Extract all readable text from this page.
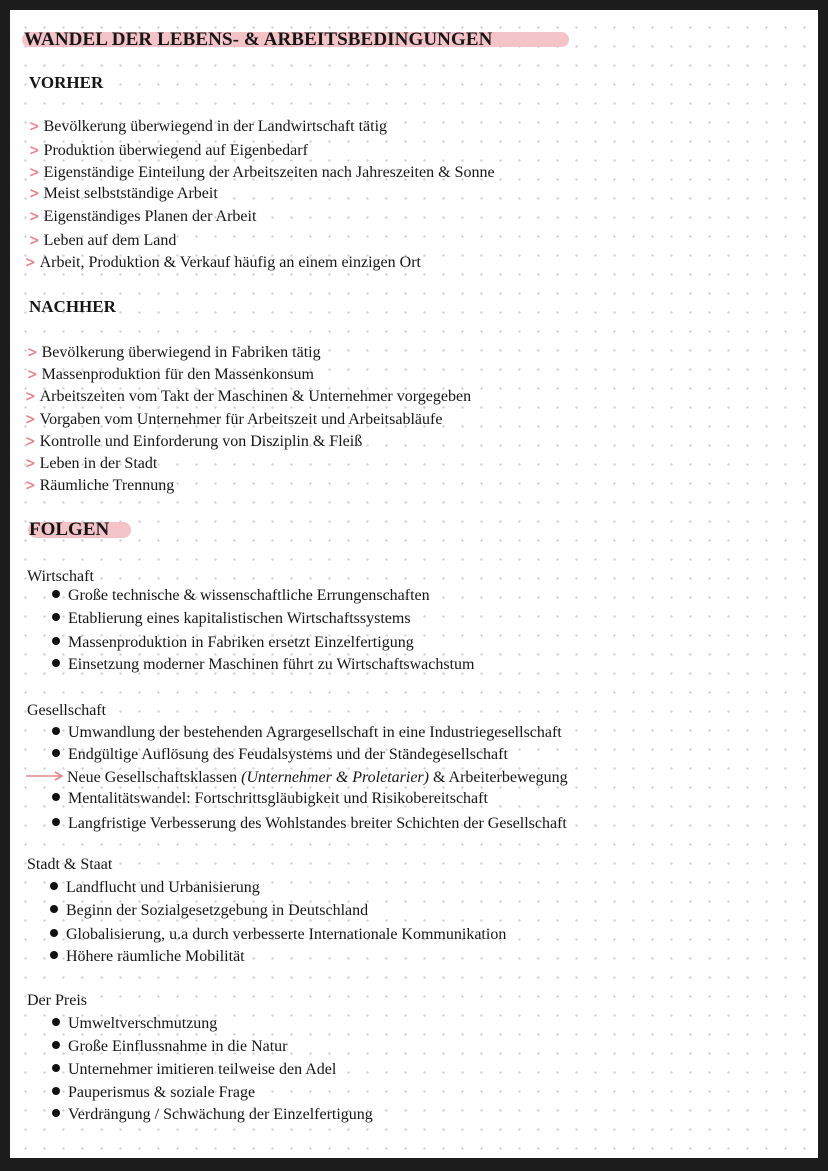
WANDEL DER LEBENS- & ARBEITSBEDINGUNGEN
VORHER
> Bevölkerung überwiegend in der Landwirtschaft tätig
> Produktion überwiegend auf Eigenbedarf
> Eigenständige Einteilung der Arbeitszeiten nach Jahreszeiten & Sonne
> Meist selbstständige Arbeit
> Eigenständiges Planen der Arbeit
> Leben auf dem Land
> Arbeit, Produktion & Verkauf häufig an einem einzigen Ort
NACHHER
> Bevölkerung überwiegend in Fabriken tätig
> Massenproduktion für den Massenkonsum
> Arbeitszeiten vom Takt der Maschinen & Unternehmer vorgegeben
> Vorgaben vom Unternehmer für Arbeitszeit und Arbeitsabläufe
> Kontrolle und Einforderung von Disziplin & Fleiß
> Leben in der Stadt
> Räumliche Trennung
FOLGEN
Wirtschaft
Große technische & wissenschaftliche Errungenschaften
Etablierung eines kapitalistischen Wirtschaftssystems
Massenproduktion in Fabriken ersetzt Einzelfertigung
Einsetzung moderner Maschinen führt zu Wirtschaftswachstum
Gesellschaft
Umwandlung der bestehenden Agrargesellschaft in eine Industriegesellschaft
Endgültige Auflösung des Feudalsystems und der Ständegesellschaft
Neue Gesellschaftsklassen (Unternehmer & Proletarier) & Arbeiterbewegung
Mentalitätswandel: Fortschrittsgläubigkeit und Risikobereitschaft
Langfristige Verbesserung des Wohlstandes breiter Schichten der Gesellschaft
Stadt & Staat
Landflucht und Urbanisierung
Beginn der Sozialgesetzgebung in Deutschland
Globalisierung, u.a durch verbesserte Internationale Kommunikation
Höhere räumliche Mobilität
Der Preis
Umweltverschmutzung
Große Einflussnahme in die Natur
Unternehmer imitieren teilweise den Adel
Pauperismus & soziale Frage
Verdrängung / Schwächung der Einzelfertigung
